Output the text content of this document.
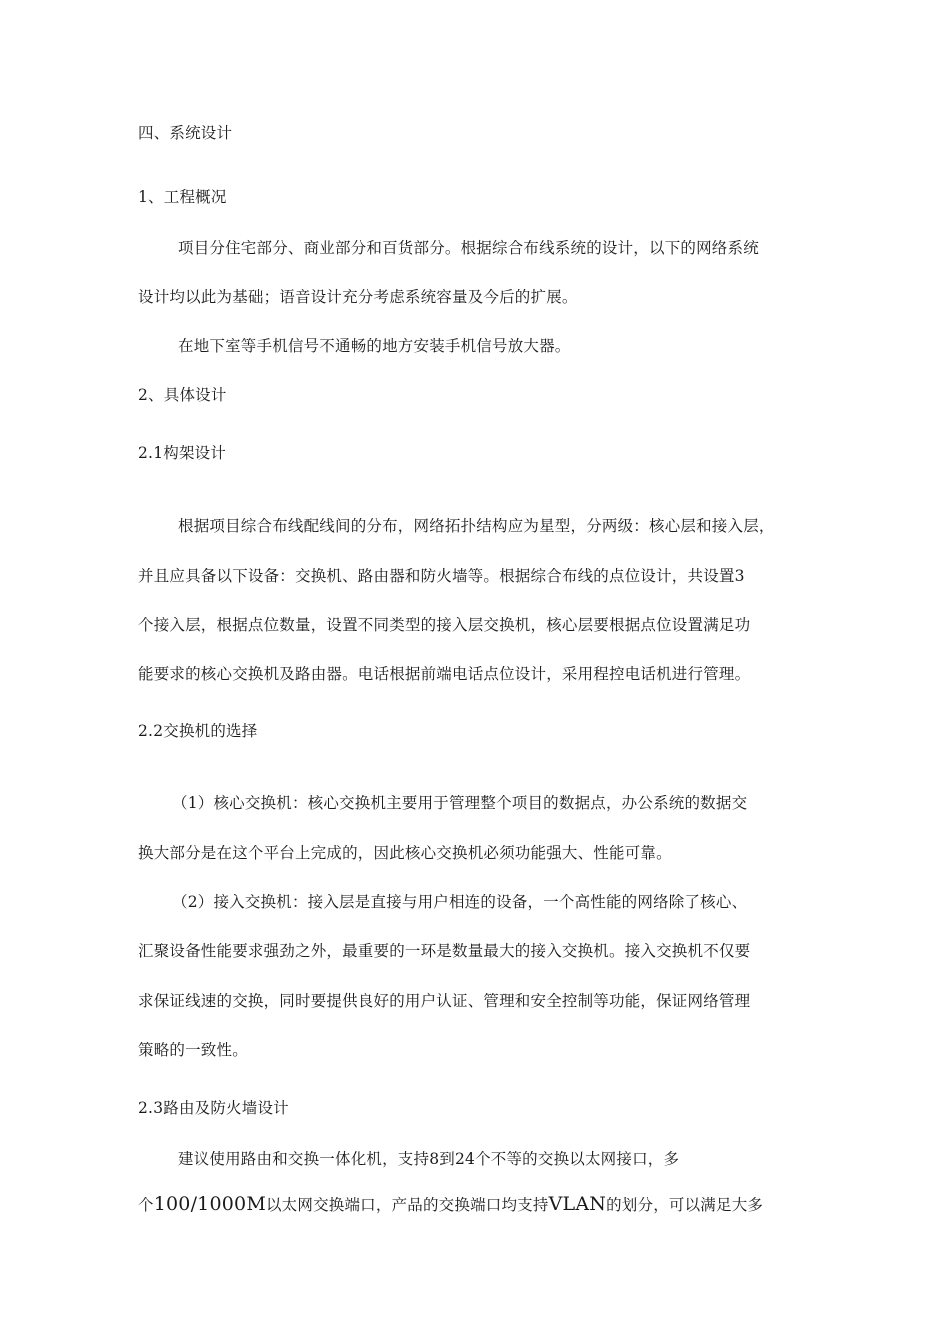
四、系统设计
1、工程概况
项目分住宅部分、商业部分和百货部分。根据综合布线系统的设计，以下的网络系统
设计均以此为基础；语音设计充分考虑系统容量及今后的扩展。
在地下室等手机信号不通畅的地方安装手机信号放大器。
2、具体设计
2.1构架设计
根据项目综合布线配线间的分布，网络拓扑结构应为星型，分两级：核心层和接入层，
并且应具备以下设备：交换机、路由器和防火墙等。根据综合布线的点位设计，共设置3
个接入层，根据点位数量，设置不同类型的接入层交换机，核心层要根据点位设置满足功
能要求的核心交换机及路由器。电话根据前端电话点位设计，采用程控电话机进行管理。
2.2交换机的选择
（1）核心交换机：核心交换机主要用于管理整个项目的数据点，办公系统的数据交
换大部分是在这个平台上完成的，因此核心交换机必须功能强大、性能可靠。
（2）接入交换机：接入层是直接与用户相连的设备，一个高性能的网络除了核心、
汇聚设备性能要求强劲之外，最重要的一环是数量最大的接入交换机。接入交换机不仅要
求保证线速的交换，同时要提供良好的用户认证、管理和安全控制等功能，保证网络管理
策略的一致性。
2.3路由及防火墙设计
建议使用路由和交换一体化机，支持8到24个不等的交换以太网接口，多
个100/1000M以太网交换端口，产品的交换端口均支持VLAN的划分，可以满足大多
